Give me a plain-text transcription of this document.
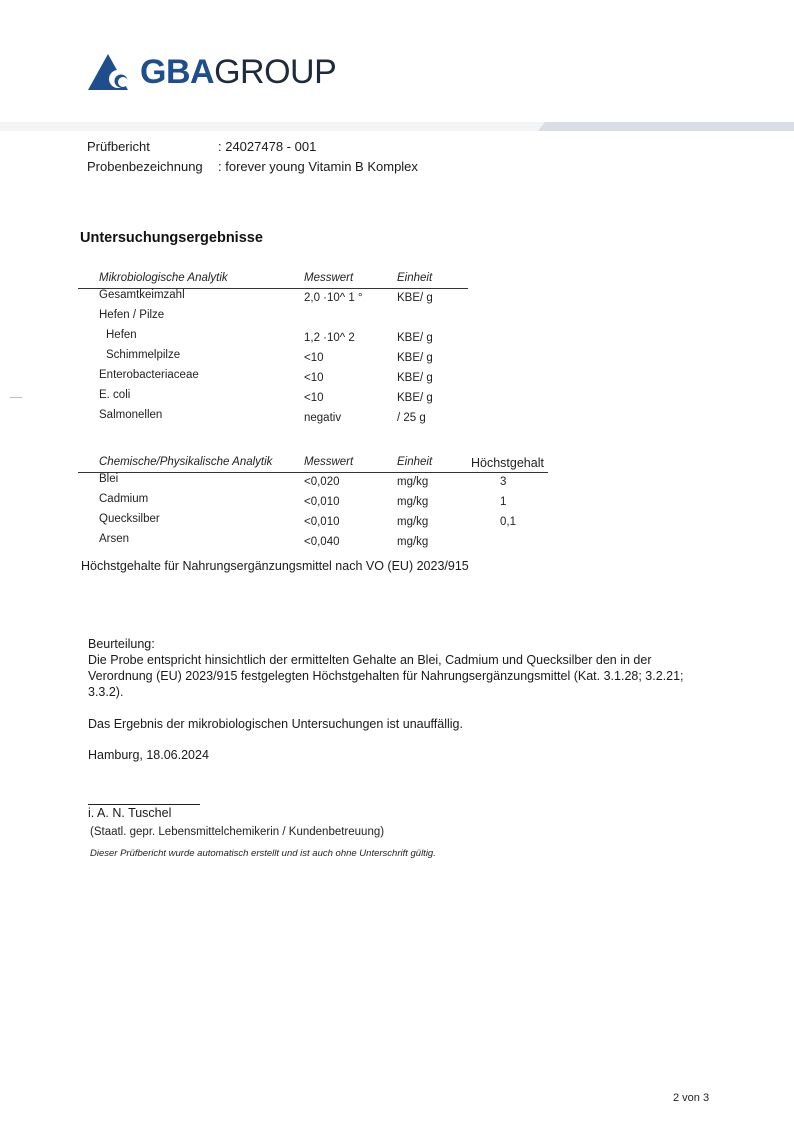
GBA GROUP
Prüfbericht	: 24027478 - 001
Probenbezeichnung : forever young Vitamin B Komplex
Untersuchungsergebnisse
Mikrobiologische Analytik	Messwert	Einheit
Gesamtkeimzahl	2,0 ·10^ 1 °	KBE/ g
Hefen / Pilze
Hefen	1,2 ·10^ 2	KBE/ g
Schimmelpilze	<10	KBE/ g
Enterobacteriaceae	<10	KBE/ g
E. coli	<10	KBE/ g
Salmonellen	negativ	/ 25 g
Chemische/Physikalische Analytik	Messwert	Einheit	Höchstgehalt
Blei	<0,020	mg/kg	3
Cadmium	<0,010	mg/kg	1
Quecksilber	<0,010	mg/kg	0,1
Arsen	<0,040	mg/kg
Höchstgehalte für Nahrungsergänzungsmittel nach VO (EU) 2023/915

Beurteilung:

Die Probe entspricht hinsichtlich der ermittelten Gehalte an Blei, Cadmium und Quecksilber den in der Verordnung (EU) 2023/915 festgelegten Höchstgehalten für Nahrungsergänzungsmittel (Kat. 3.1.28; 3.2.21; 3.3.2).

Das Ergebnis der mikrobiologischen Untersuchungen ist unauffällig.

Hamburg, 18.06.2024

i. A. N. Tuschel
(Staatl. gepr. Lebensmittelchemikerin / Kundenbetreuung)
Dieser Prüfbericht wurde automatisch erstellt und ist auch ohne Unterschrift gültig.
2 von 3
